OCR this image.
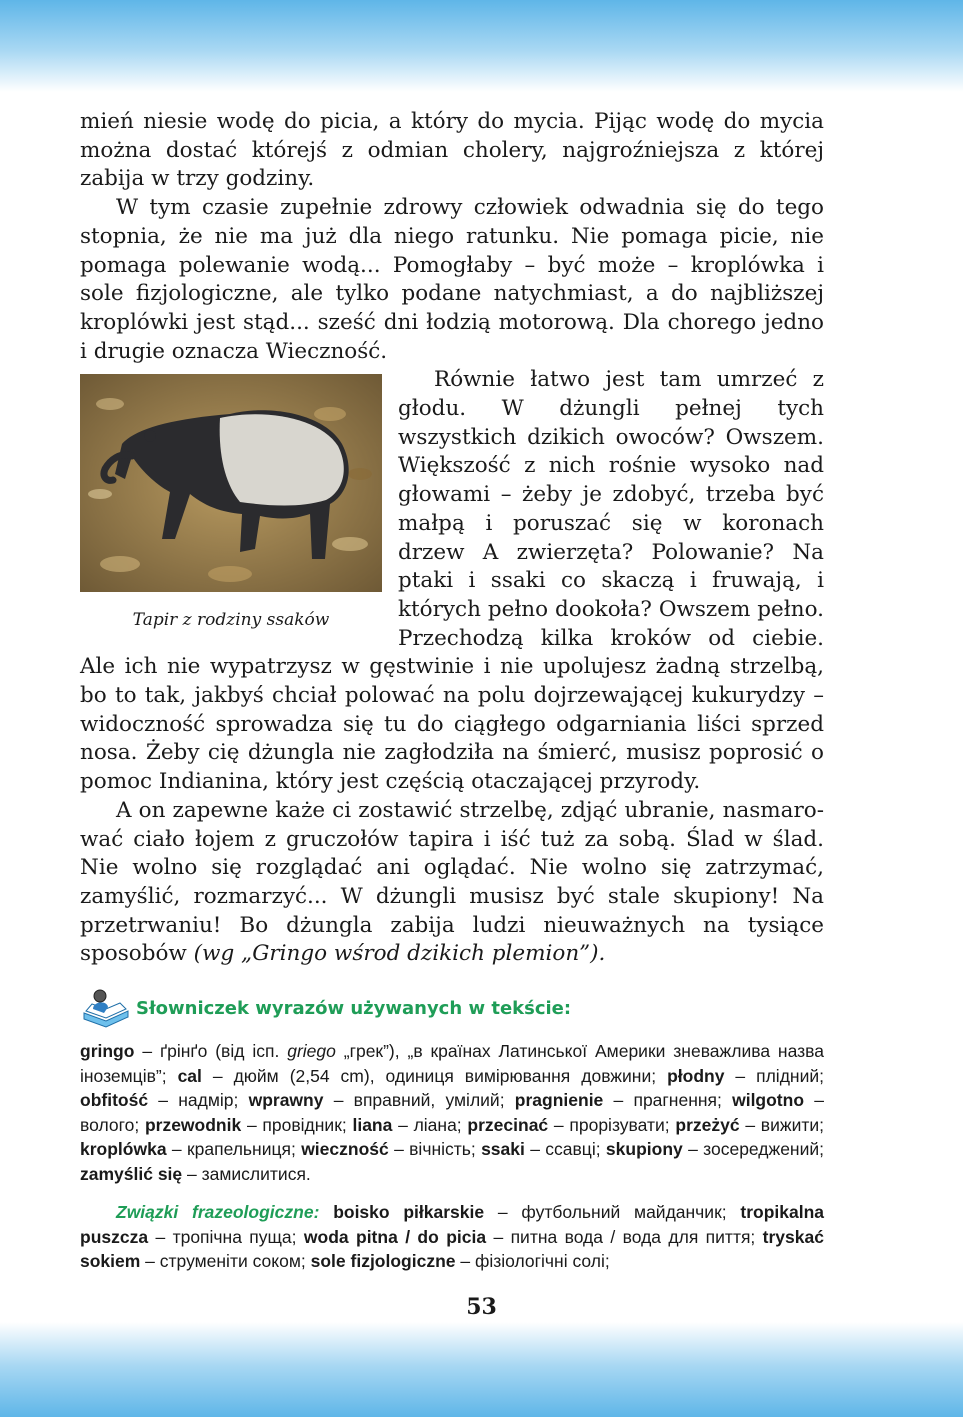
mień niesie wodę do picia, a który do mycia. Pijąc wodę do mycia można dostać którejś z odmian cholery, najgroźniejsza z której zabija w trzy godziny.

W tym czasie zupełnie zdrowy człowiek odwadnia się do tego stopnia, że nie ma już dla niego ratunku. Nie pomaga picie, nie pomaga polewanie wodą... Pomogłaby – być może – kroplówka i sole fizjologiczne, ale tylko podane natychmiast, a do najbliższej kroplówki jest stąd... sześć dni łodzią motorową. Dla chorego jedno i drugie oznacza Wieczność.

Tapir z rodziny ssaków

Równie łatwo jest tam umrzeć z głodu. W dżungli pełnej tych wszystkich dzikich owoców? Owszem. Większość z nich rośnie wysoko nad głowami – żeby je zdobyć, trzeba być małpą i poruszać się w koronach drzew A zwierzęta? Polowanie? Na ptaki i ssaki co skaczą i fruwają, i których pełno dookoła? Owszem pełno. Przechodzą kilka kroków od ciebie. Ale ich nie wypatrzysz w gęstwinie i nie upolujesz żadną strzelbą, bo to tak, jakbyś chciał polować na polu dojrzewającej kukurydzy – widoczność sprowadza się tu do ciągłego odgarniania liści sprzed nosa. Żeby cię dżungla nie zagłodziła na śmierć, musisz poprosić o pomoc Indianina, który jest częścią otaczającej przyrody.

A on zapewne każe ci zostawić strzelbę, zdjąć ubranie, nasmarować ciało łojem z gruczołów tapira i iść tuż za sobą. Ślad w ślad. Nie wolno się rozglądać ani oglądać. Nie wolno się zatrzymać, zamyślić, rozmarzyć... W dżungli musisz być stale skupiony! Na przetrwaniu! Bo dżungla zabija ludzi nieuważnych na tysiące sposobów (wg „Gringo wśrod dzikich plemion”).

Słowniczek wyrazów używanych w tekście:

gringo – ґрінґо (від ісп. griego „грек”), „в країнах Латинської Америки зневажлива назва іноземців”; cal – дюйм (2,54 cm), одиниця вимірювання довжини; płodny – плідний; obfitość – надмір; wprawny – вправний, умілий; pragnienie – прагнення; wilgotno – волого; przewodnik – провідник; liana – ліана; przecinać – прорізувати; przeżyć – вижити; kroplówka – крапельниця; wieczność – вічність; ssaki – ссавці; skupiony – зосереджений; zamyślić się – замислитися.

Związki frazeologiczne: boisko piłkarskie – футбольний майданчик; tropikalna puszcza – тропічна пуща; woda pitna / do picia – питна вода / вода для пиття; tryskać sokiem – струменіти соком; sole fizjologiczne – фізіологічні солі;

53
